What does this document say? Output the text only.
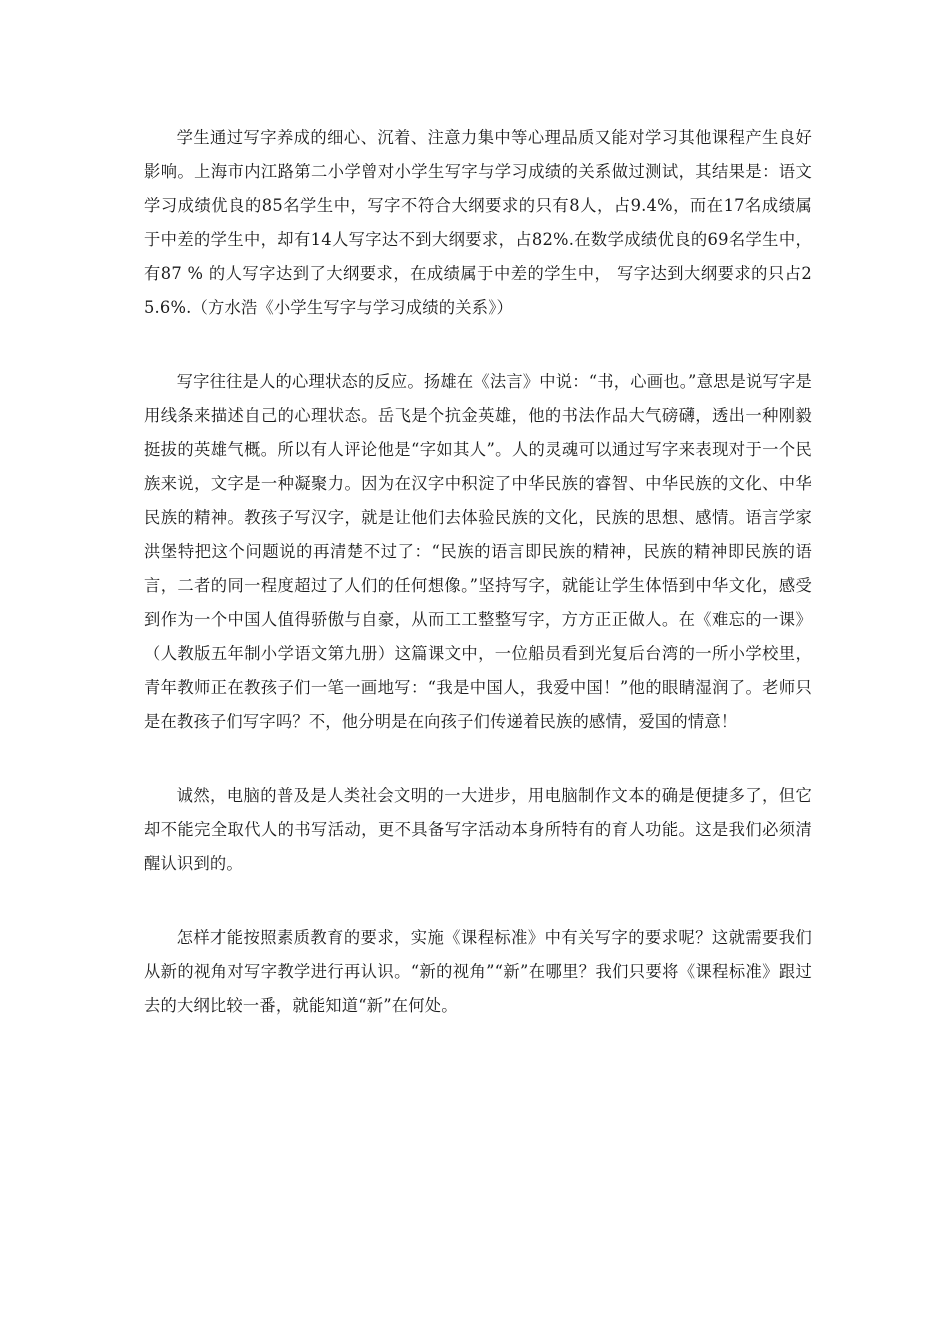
学生通过写字养成的细心、沉着、注意力集中等心理品质又能对学习其他课程产生良好影响。上海市内江路第二小学曾对小学生写字与学习成绩的关系做过测试，其结果是：语文学习成绩优良的85名学生中，写字不符合大纲要求的只有8人，占9.4%，而在17名成绩属于中差的学生中，却有14人写字达不到大纲要求，占82%.在数学成绩优良的69名学生中，有87 % 的人写字达到了大纲要求，在成绩属于中差的学生中， 写字达到大纲要求的只占25.6%.（方水浩《小学生写字与学习成绩的关系》）

写字往往是人的心理状态的反应。扬雄在《法言》中说：“书，心画也。”意思是说写字是用线条来描述自己的心理状态。岳飞是个抗金英雄，他的书法作品大气磅礴，透出一种刚毅挺拔的英雄气概。所以有人评论他是“字如其人”。人的灵魂可以通过写字来表现对于一个民族来说，文字是一种凝聚力。因为在汉字中积淀了中华民族的睿智、中华民族的文化、中华民族的精神。教孩子写汉字，就是让他们去体验民族的文化，民族的思想、感情。语言学家洪堡特把这个问题说的再清楚不过了：“民族的语言即民族的精神，民族的精神即民族的语言，二者的同一程度超过了人们的任何想像。”坚持写字，就能让学生体悟到中华文化，感受到作为一个中国人值得骄傲与自豪，从而工工整整写字，方方正正做人。在《难忘的一课》（人教版五年制小学语文第九册）这篇课文中，一位船员看到光复后台湾的一所小学校里，青年教师正在教孩子们一笔一画地写：“我是中国人，我爱中国！”他的眼睛湿润了。老师只是在教孩子们写字吗？不，他分明是在向孩子们传递着民族的感情，爱国的情意！

诚然，电脑的普及是人类社会文明的一大进步，用电脑制作文本的确是便捷多了，但它却不能完全取代人的书写活动，更不具备写字活动本身所特有的育人功能。这是我们必须清醒认识到的。

怎样才能按照素质教育的要求，实施《课程标准》中有关写字的要求呢？这就需要我们从新的视角对写字教学进行再认识。“新的视角”“新”在哪里？我们只要将《课程标准》跟过去的大纲比较一番，就能知道“新”在何处。
